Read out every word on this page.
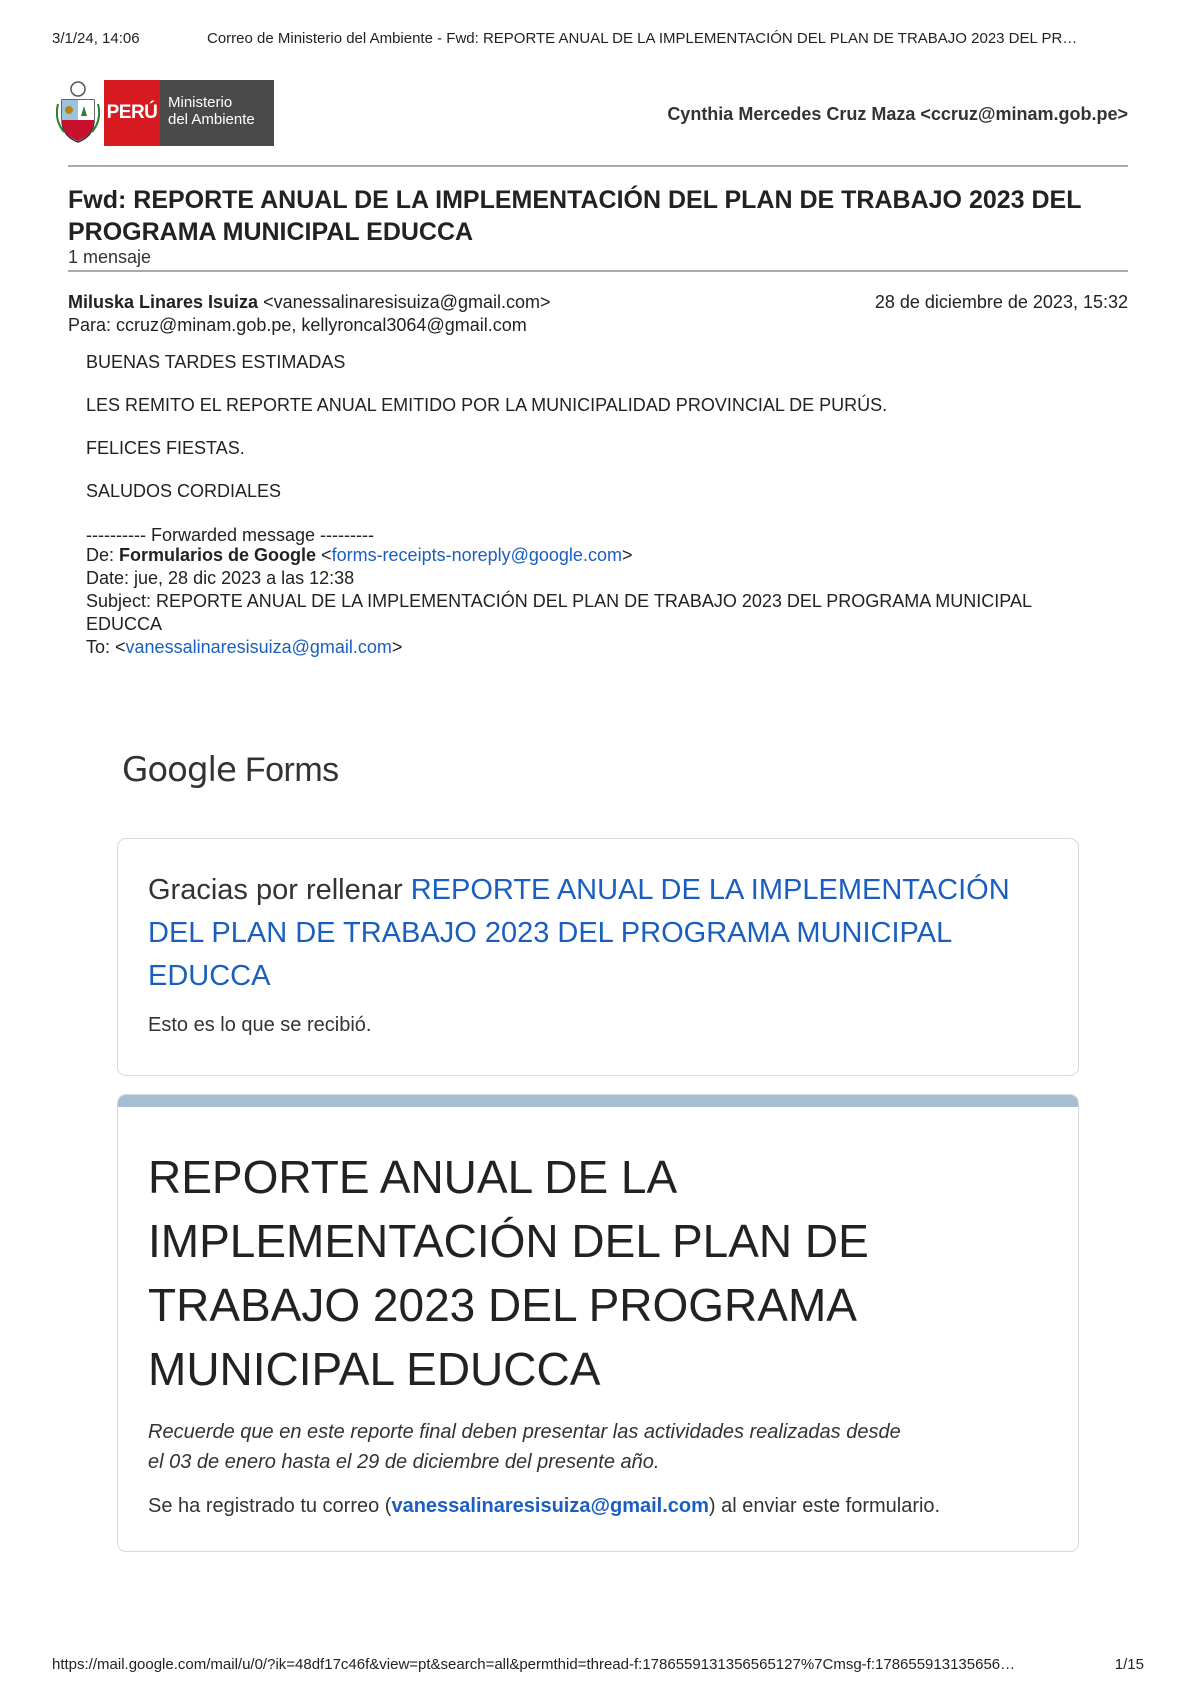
3/1/24, 14:06	Correo de Ministerio del Ambiente - Fwd: REPORTE ANUAL DE LA IMPLEMENTACIÓN DEL PLAN DE TRABAJO 2023 DEL PR…
PERÚ Ministerio
del Ambiente	Cynthia Mercedes Cruz Maza <ccruz@minam.gob.pe>
Fwd: REPORTE ANUAL DE LA IMPLEMENTACIÓN DEL PLAN DE TRABAJO 2023 DEL PROGRAMA MUNICIPAL EDUCCA
1 mensaje
Miluska Linares Isuiza <vanessalinaresisuiza@gmail.com>	28 de diciembre de 2023, 15:32
Para: ccruz@minam.gob.pe, kellyroncal3064@gmail.com
BUENAS TARDES ESTIMADAS
LES REMITO EL REPORTE ANUAL EMITIDO POR LA MUNICIPALIDAD PROVINCIAL DE PURÚS.
FELICES FIESTAS.
SALUDOS CORDIALES
---------- Forwarded message ---------
De: Formularios de Google <forms-receipts-noreply@google.com>
Date: jue, 28 dic 2023 a las 12:38
Subject: REPORTE ANUAL DE LA IMPLEMENTACIÓN DEL PLAN DE TRABAJO 2023 DEL PROGRAMA MUNICIPAL EDUCCA
To: <vanessalinaresisuiza@gmail.com>
Google Forms
Gracias por rellenar REPORTE ANUAL DE LA IMPLEMENTACIÓN DEL PLAN DE TRABAJO 2023 DEL PROGRAMA MUNICIPAL EDUCCA
Esto es lo que se recibió.
REPORTE ANUAL DE LA IMPLEMENTACIÓN DEL PLAN DE TRABAJO 2023 DEL PROGRAMA MUNICIPAL EDUCCA
Recuerde que en este reporte final deben presentar las actividades realizadas desde el 03 de enero hasta el 29 de diciembre del presente año.
Se ha registrado tu correo (vanessalinaresisuiza@gmail.com) al enviar este formulario.
https://mail.google.com/mail/u/0/?ik=48df17c46f&view=pt&search=all&permthid=thread-f:1786559131356565127%7Cmsg-f:178655913135656…	1/15
